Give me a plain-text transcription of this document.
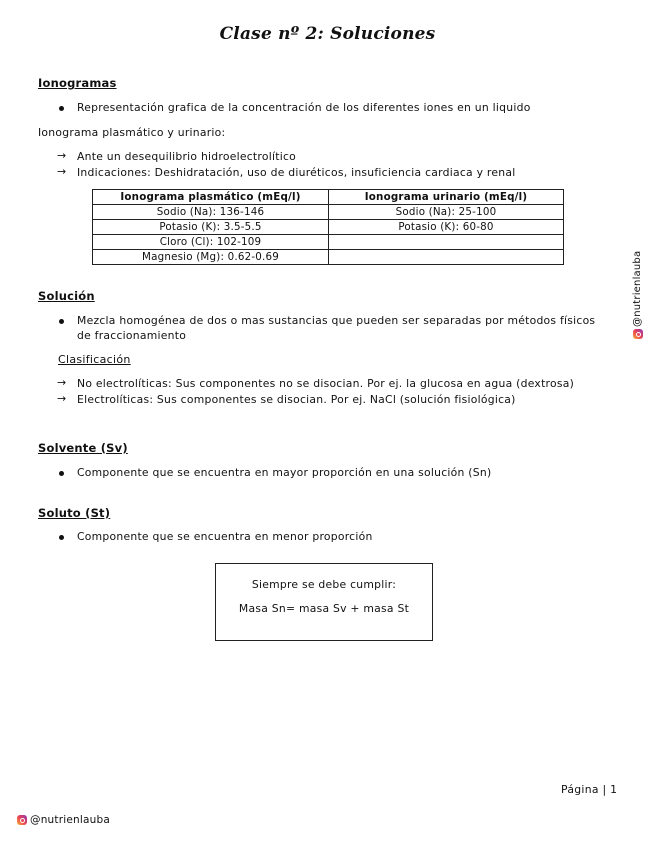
Clase nº 2: Soluciones
Ionogramas
Representación grafica de la concentración de los diferentes iones en un liquido
Ionograma plasmático y urinario:
→ Ante un desequilibrio hidroelectrolítico
→ Indicaciones: Deshidratación, uso de diuréticos, insuficiencia cardiaca y renal
Ionograma plasmático (mEq/l)	Ionograma urinario (mEq/l)
Sodio (Na): 136-146	Sodio (Na): 25-100
Potasio (K): 3.5-5.5	Potasio (K): 60-80
Cloro (Cl): 102-109	
Magnesio (Mg): 0.62-0.69	
Solución
Mezcla homogénea de dos o mas sustancias que pueden ser separadas por métodos físicos
de fraccionamiento
Clasificación
→ No electrolíticas: Sus componentes no se disocian. Por ej. la glucosa en agua (dextrosa)
→ Electrolíticas: Sus componentes se disocian. Por ej. NaCl (solución fisiológica)
Solvente (Sv)
Componente que se encuentra en mayor proporción en una solución (Sn)
Soluto (St)
Componente que se encuentra en menor proporción
Siempre se debe cumplir:
Masa Sn= masa Sv + masa St
Página | 1
@nutrienlauba
@nutrienlauba
